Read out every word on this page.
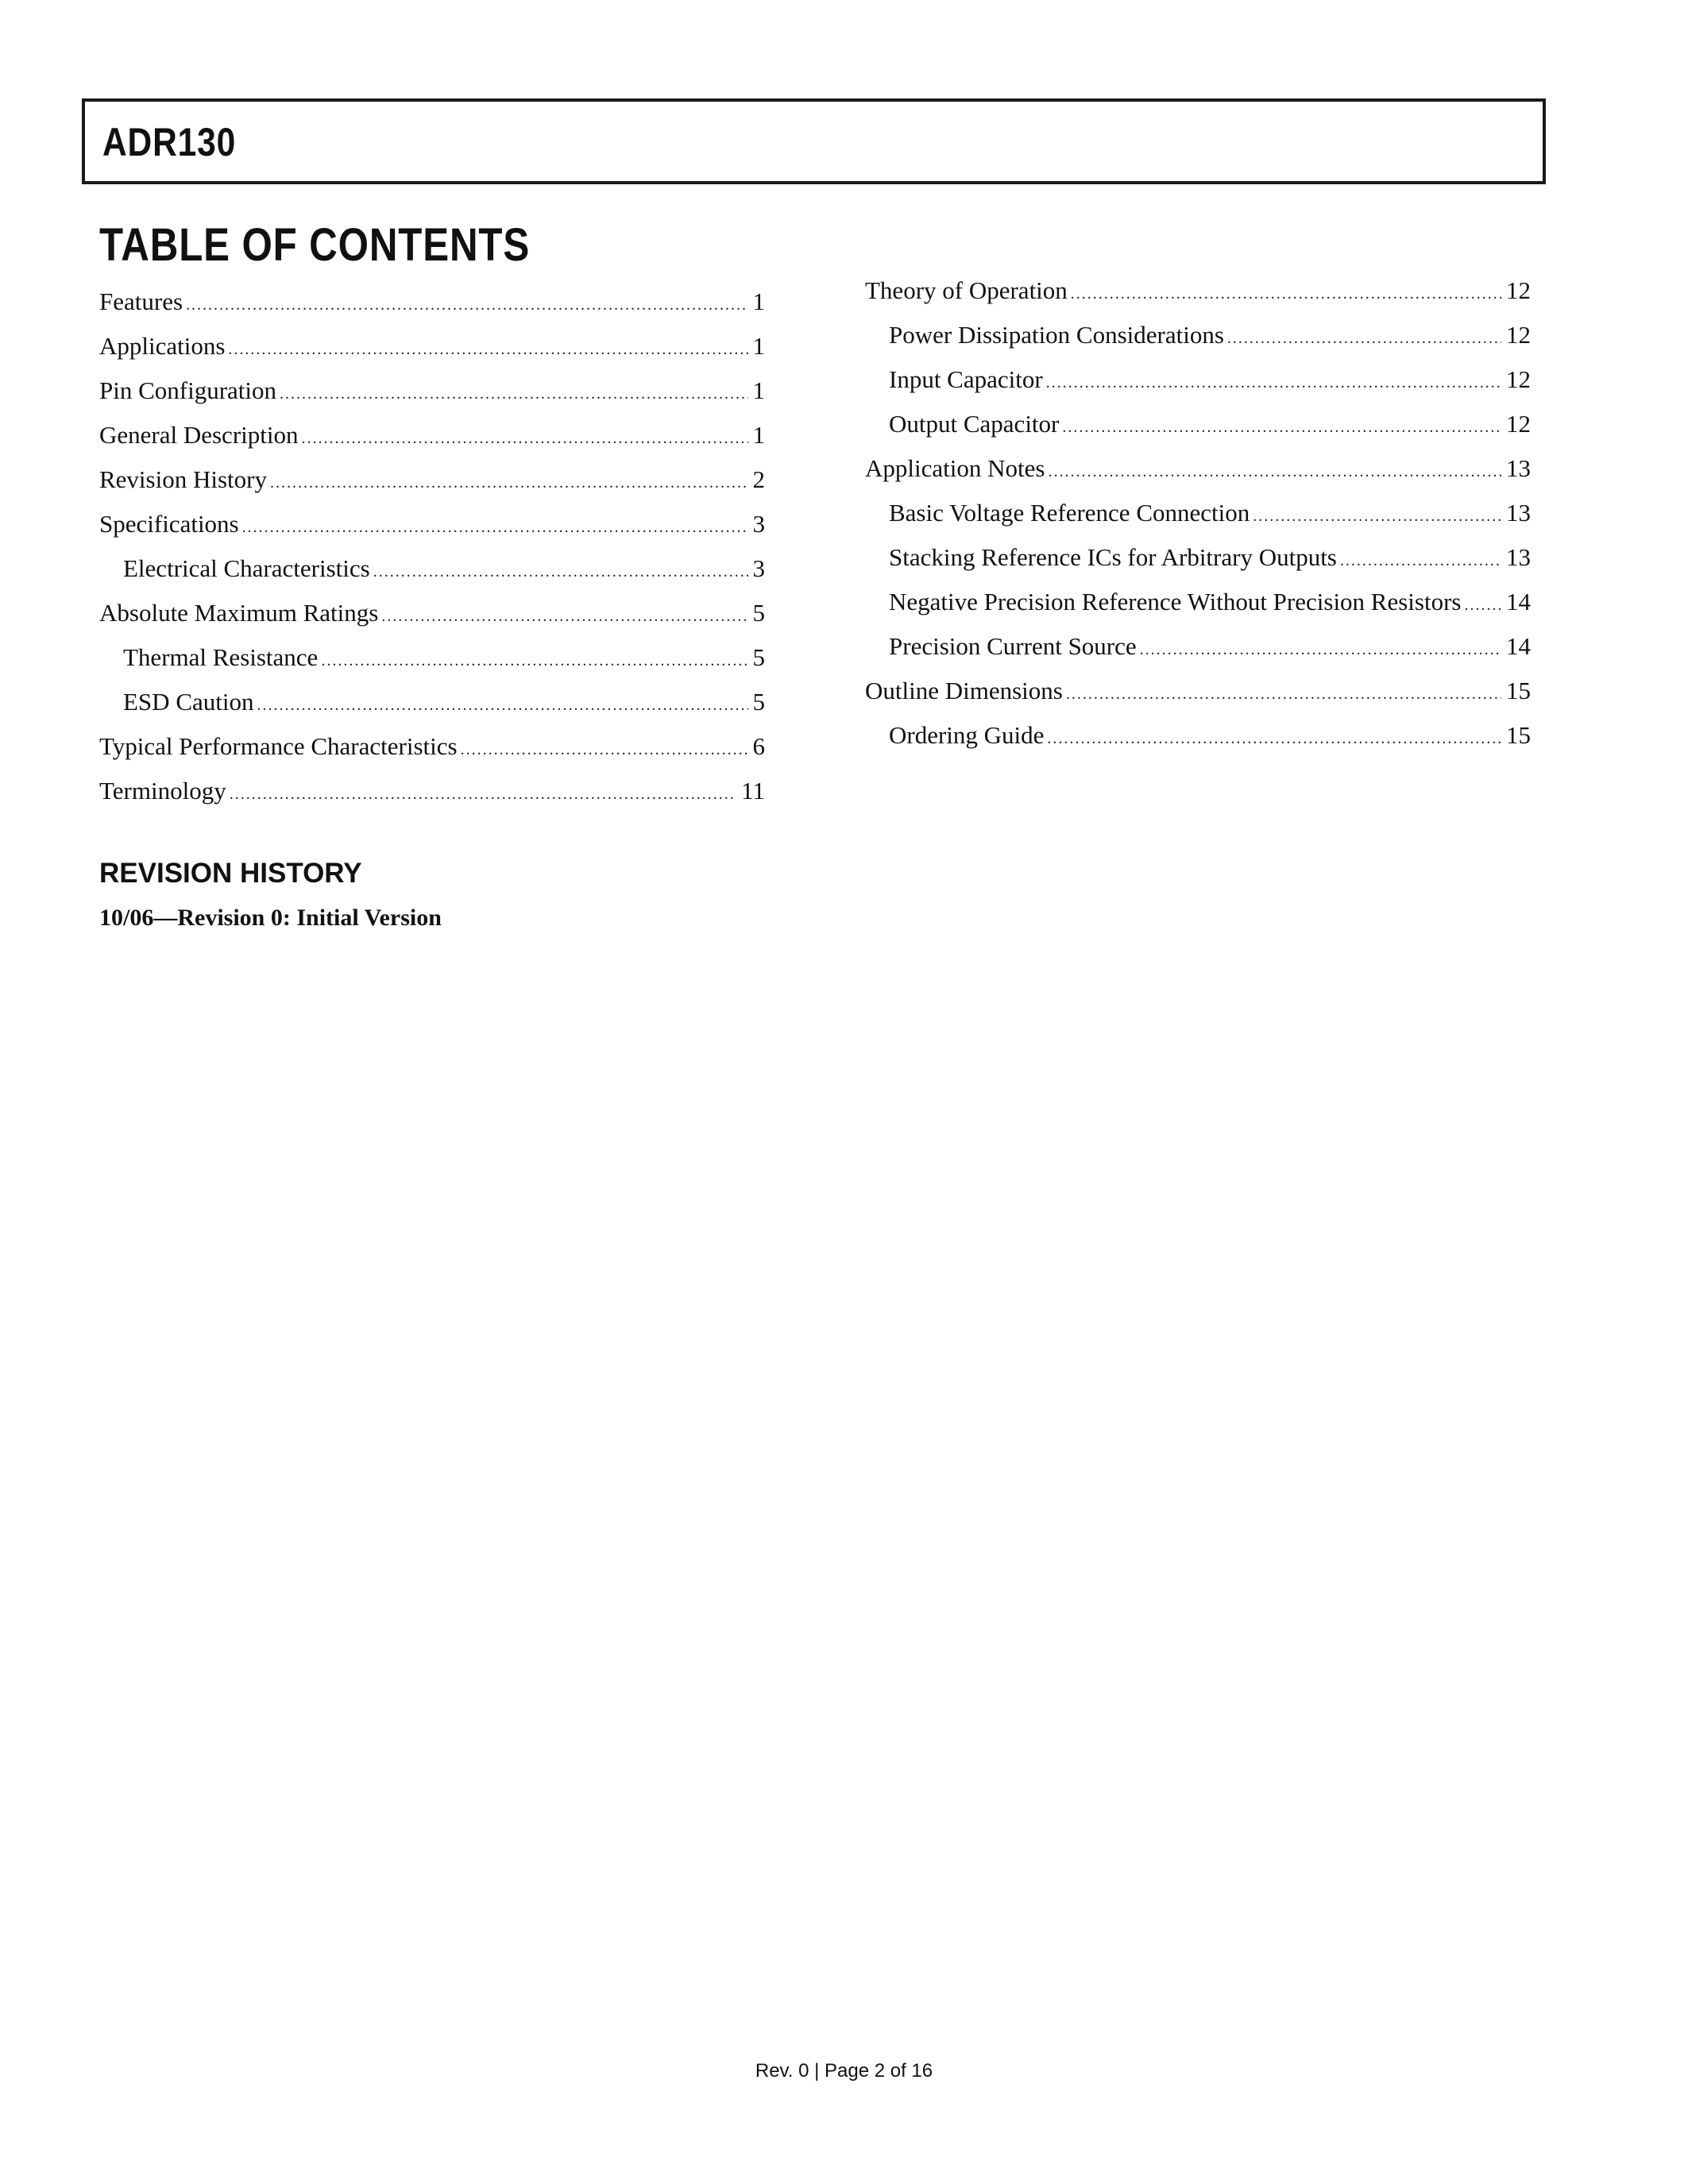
ADR130
TABLE OF CONTENTS
Features .....	1
Applications .....	1
Pin Configuration .....	1
General Description .....	1
Revision History .....	2
Specifications .....	3
Electrical Characteristics .....	3
Absolute Maximum Ratings .....	5
Thermal Resistance .....	5
ESD Caution .....	5
Typical Performance Characteristics .....	6
Terminology .....	11
Theory of Operation .....	12
Power Dissipation Considerations .....	12
Input Capacitor .....	12
Output Capacitor .....	12
Application Notes .....	13
Basic Voltage Reference Connection .....	13
Stacking Reference ICs for Arbitrary Outputs .....	13
Negative Precision Reference Without Precision Resistors ..... 14
Precision Current Source .....	14
Outline Dimensions .....	15
Ordering Guide .....	15
REVISION HISTORY
10/06—Revision 0: Initial Version
Rev. 0 | Page 2 of 16
